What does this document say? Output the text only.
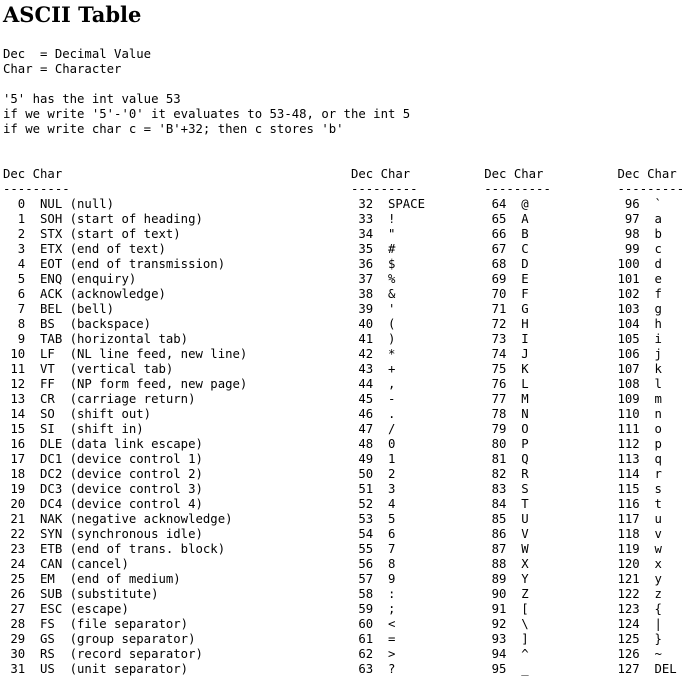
ASCII Table
Dec  = Decimal Value
Char = Character

'5' has the int value 53
if we write '5'-'0' it evaluates to 53-48, or the int 5
if we write char c = 'B'+32; then c stores 'b'

Dec Char                                       Dec Char          Dec Char          Dec Char
---------                                      ---------         ---------         ---------
0  NUL (null)                                 32  SPACE         64  @             96  `
1  SOH (start of heading)                     33  !             65  A             97  a
2  STX (start of text)                        34  "             66  B             98  b
3  ETX (end of text)                          35  #             67  C             99  c
4  EOT (end of transmission)                  36  $             68  D            100  d
5  ENQ (enquiry)                              37  %             69  E            101  e
6  ACK (acknowledge)                          38  &             70  F            102  f
7  BEL (bell)                                 39  '             71  G            103  g
8  BS  (backspace)                            40  (             72  H            104  h
9  TAB (horizontal tab)                       41  )             73  I            105  i
10  LF  (NL line feed, new line)               42  *             74  J            106  j
11  VT  (vertical tab)                         43  +             75  K            107  k
12  FF  (NP form feed, new page)               44  ,             76  L            108  l
13  CR  (carriage return)                      45  -             77  M            109  m
14  SO  (shift out)                            46  .             78  N            110  n
15  SI  (shift in)                             47  /             79  O            111  o
16  DLE (data link escape)                     48  0             80  P            112  p
17  DC1 (device control 1)                     49  1             81  Q            113  q
18  DC2 (device control 2)                     50  2             82  R            114  r
19  DC3 (device control 3)                     51  3             83  S            115  s
20  DC4 (device control 4)                     52  4             84  T            116  t
21  NAK (negative acknowledge)                 53  5             85  U            117  u
22  SYN (synchronous idle)                     54  6             86  V            118  v
23  ETB (end of trans. block)                  55  7             87  W            119  w
24  CAN (cancel)                               56  8             88  X            120  x
25  EM  (end of medium)                        57  9             89  Y            121  y
26  SUB (substitute)                           58  :             90  Z            122  z
27  ESC (escape)                               59  ;             91  [            123  {
28  FS  (file separator)                       60  <             92  \            124  |
29  GS  (group separator)                      61  =             93  ]            125  }
30  RS  (record separator)                     62  >             94  ^            126  ~
31  US  (unit separator)                       63  ?             95  _            127  DEL
